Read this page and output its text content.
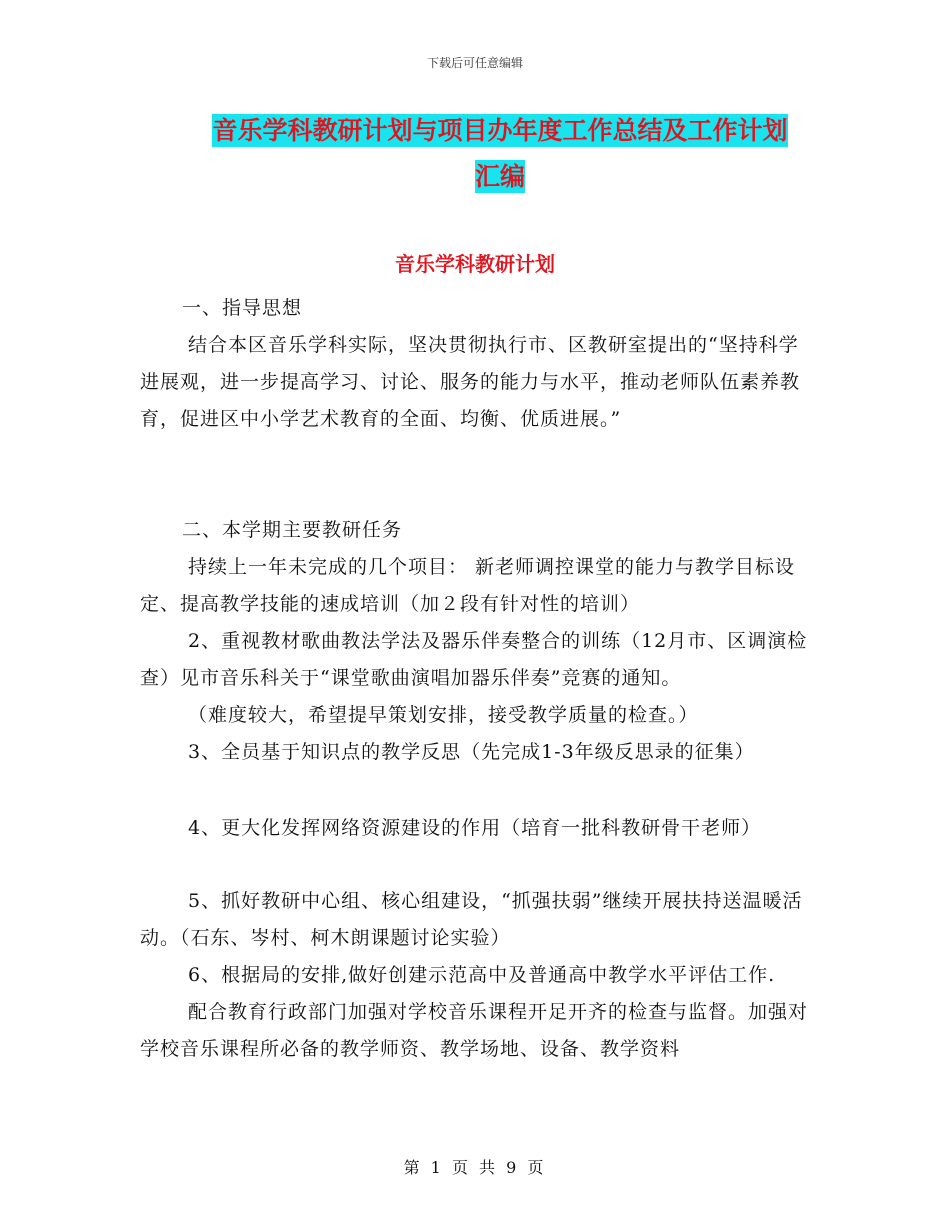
下载后可任意编辑
音乐学科教研计划与项目办年度工作总结及工作计划
汇编
音乐学科教研计划

一、指导思想

结合本区音乐学科实际，坚决贯彻执行市、区教研室提出的“坚持科学进展观，进一步提高学习、讨论、服务的能力与水平，推动老师队伍素养教育，促进区中小学艺术教育的全面、均衡、优质进展。”

二、本学期主要教研任务

持续上一年未完成的几个项目： 新老师调控课堂的能力与教学目标设定、提高教学技能的速成培训（加２段有针对性的培训）

2、重视教材歌曲教法学法及器乐伴奏整合的训练（12月市、区调演检查）见市音乐科关于“课堂歌曲演唱加器乐伴奏”竞赛的通知。

（难度较大，希望提早策划安排，接受教学质量的检查。）

3、全员基于知识点的教学反思（先完成1-3年级反思录的征集）

4、更大化发挥网络资源建设的作用（培育一批科教研骨干老师）

5、抓好教研中心组、核心组建设，“抓强扶弱”继续开展扶持送温暖活动。（石东、岑村、柯木朗课题讨论实验）

6、根据局的安排,做好创建示范高中及普通高中教学水平评估工作.

配合教育行政部门加强对学校音乐课程开足开齐的检查与监督。加强对学校音乐课程所必备的教学师资、教学场地、设备、教学资料

第 1 页 共 9 页
